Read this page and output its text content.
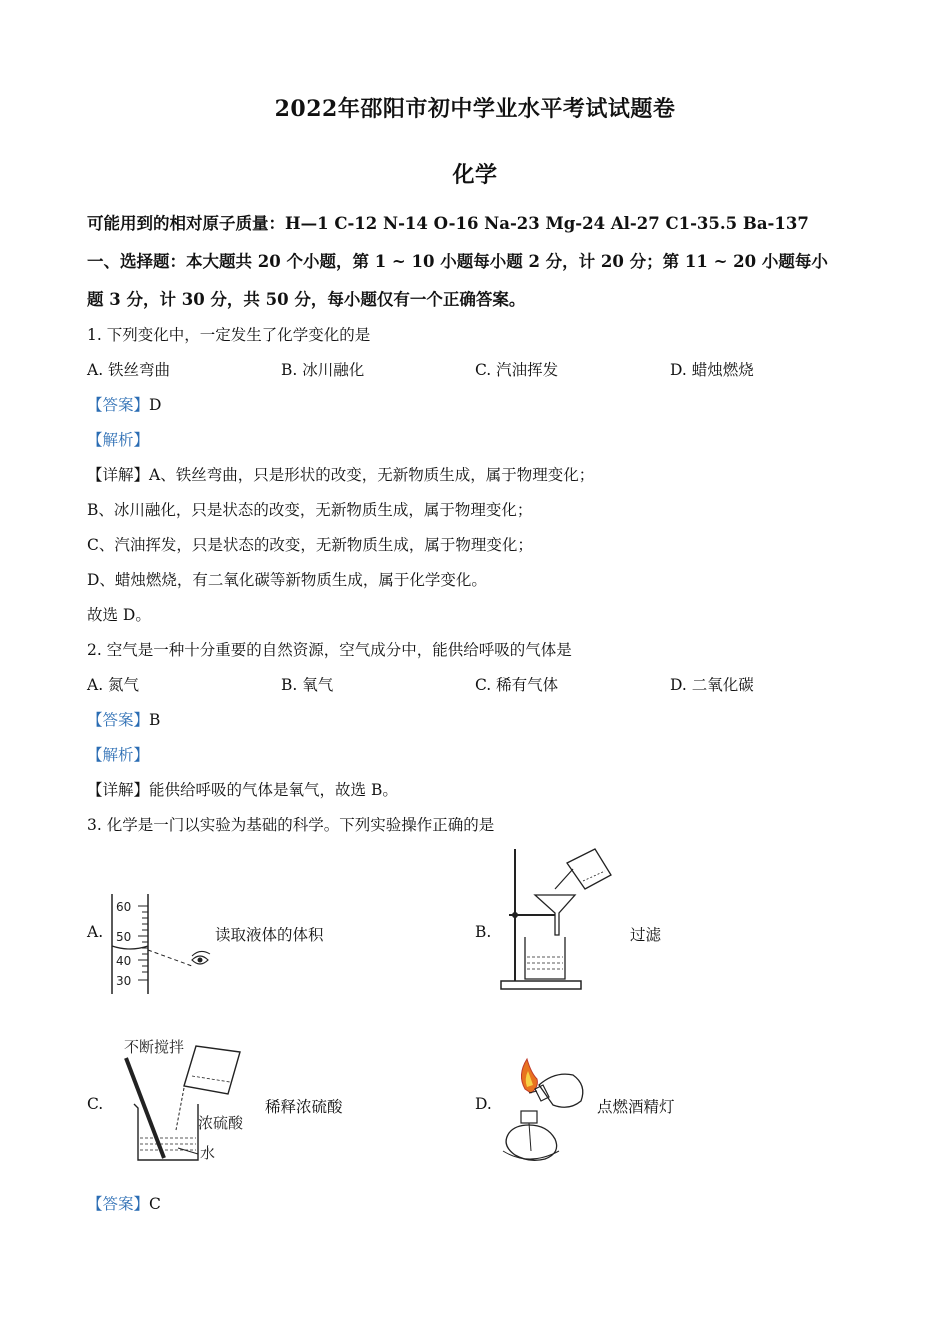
2022年邵阳市初中学业水平考试试题卷
化学
可能用到的相对原子质量：H—1 C-12 N-14 O-16 Na-23 Mg-24 Al-27 C1-35.5 Ba-137
一、选择题：本大题共 20 个小题，第 1 ~ 10 小题每小题 2 分，计 20 分；第 11 ~ 20 小题每小
题 3 分，计 30 分，共 50 分，每小题仅有一个正确答案。
1. 下列变化中，一定发生了化学变化的是
A. 铁丝弯曲	B. 冰川融化	C. 汽油挥发	D. 蜡烛燃烧
【答案】D
【解析】
【详解】A、铁丝弯曲，只是形状的改变，无新物质生成，属于物理变化；
B、冰川融化，只是状态的改变，无新物质生成，属于物理变化；
C、汽油挥发，只是状态的改变，无新物质生成，属于物理变化；
D、蜡烛燃烧，有二氧化碳等新物质生成，属于化学变化。
故选 D。
2. 空气是一种十分重要的自然资源，空气成分中，能供给呼吸的气体是
A. 氮气	B. 氧气	C. 稀有气体	D. 二氧化碳
【答案】B
【解析】
【详解】能供给呼吸的气体是氧气，故选 B。
3. 化学是一门以实验为基础的科学。下列实验操作正确的是
A.
60
50
40
30
读取液体的体积	B.	过滤
C.
不断搅拌
浓硫酸
水
稀释浓硫酸	D.	点燃酒精灯
【答案】C
